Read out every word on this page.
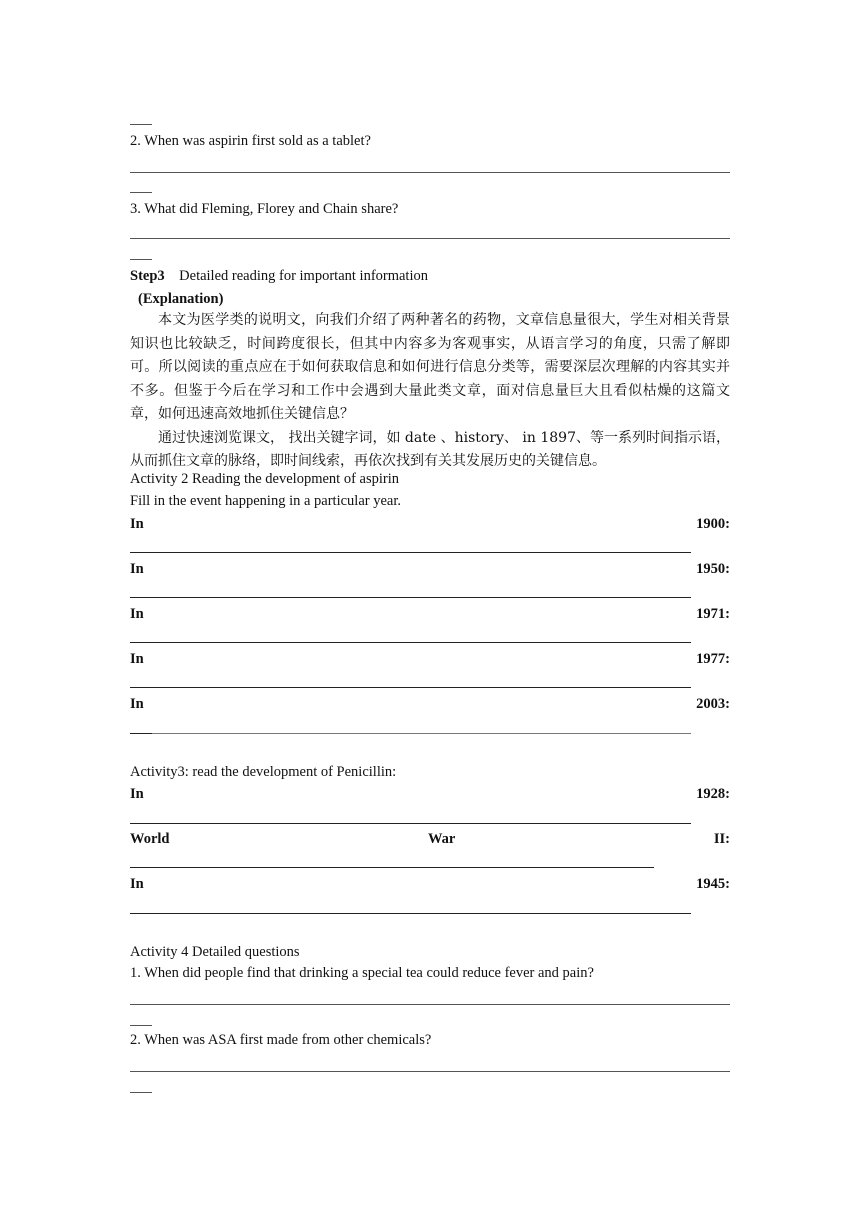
2. When was aspirin first sold as a tablet?
3. What did Fleming, Florey and Chain share?
Step3 Detailed reading for important information
(Explanation)

本文为医学类的说明文，向我们介绍了两种著名的药物，文章信息量很大，学生对相关背景知识也比较缺乏，时间跨度很长，但其中内容多为客观事实，从语言学习的角度，只需了解即可。所以阅读的重点应在于如何获取信息和如何进行信息分类等，需要深层次理解的内容其实并不多。但鉴于今后在学习和工作中会遇到大量此类文章，面对信息量巨大且看似枯燥的这篇文章，如何迅速高效地抓住关键信息？

通过快速浏览课文， 找出关键字词，如 date 、history、 in 1897、等一系列时间指示语，从而抓住文章的脉络，即时间线索，再依次找到有关其发展历史的关键信息。

Activity 2 Reading the development of aspirin
Fill in the event happening in a particular year.
In	1900:
In	1950:
In	1971:
In	1977:
In	2003:
Activity3: read the development of Penicillin:
In	1928:
World	War	II:
In	1945:
Activity 4 Detailed questions
1. When did people find that drinking a special tea could reduce fever and pain?
2. When was ASA first made from other chemicals?
